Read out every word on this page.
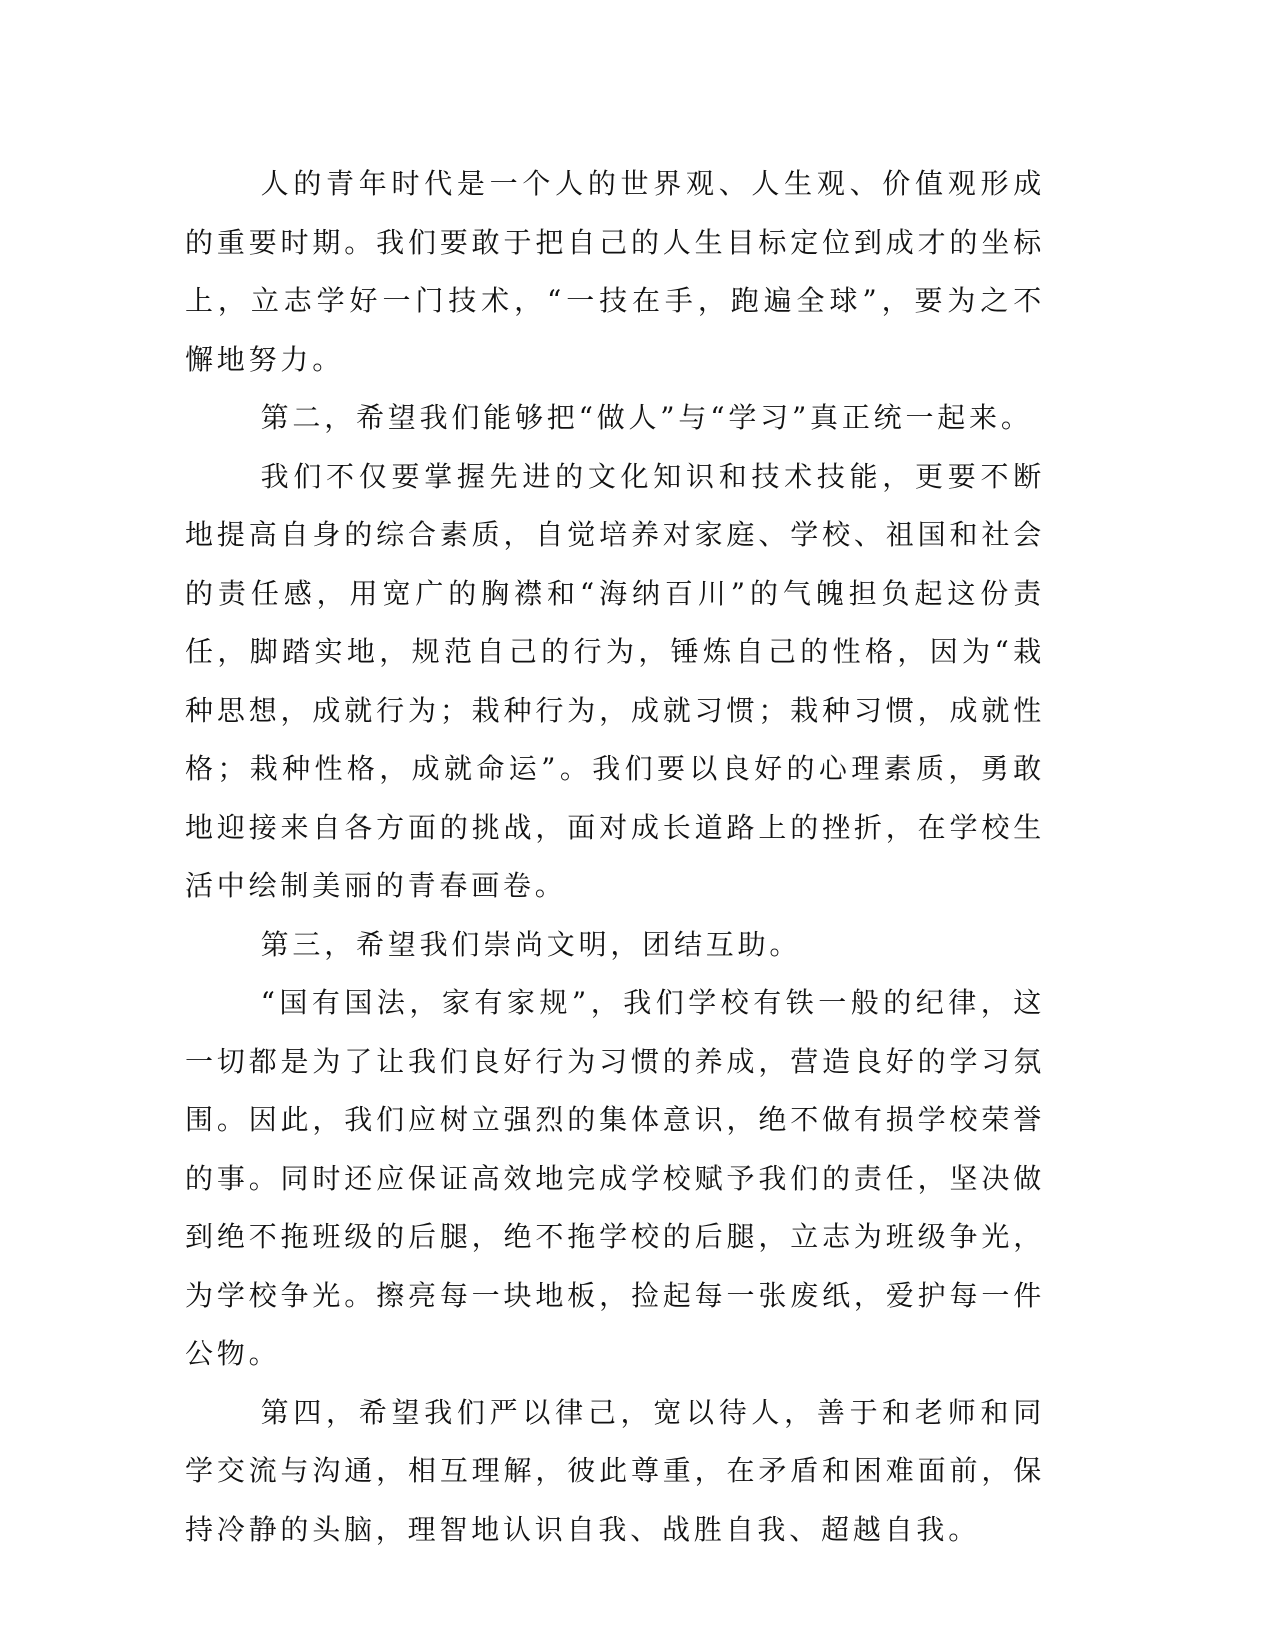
人的青年时代是一个人的世界观、人生观、价值观形成的重要时期。我们要敢于把自己的人生目标定位到成才的坐标上，立志学好一门技术，“一技在手，跑遍全球”，要为之不懈地努力。

第二，希望我们能够把“做人”与“学习”真正统一起来。

我们不仅要掌握先进的文化知识和技术技能，更要不断地提高自身的综合素质，自觉培养对家庭、学校、祖国和社会的责任感，用宽广的胸襟和“海纳百川”的气魄担负起这份责任，脚踏实地，规范自己的行为，锤炼自己的性格，因为“栽种思想，成就行为；栽种行为，成就习惯；栽种习惯，成就性格；栽种性格，成就命运”。我们要以良好的心理素质，勇敢地迎接来自各方面的挑战，面对成长道路上的挫折，在学校生活中绘制美丽的青春画卷。

第三，希望我们崇尚文明，团结互助。

“国有国法，家有家规”，我们学校有铁一般的纪律，这一切都是为了让我们良好行为习惯的养成，营造良好的学习氛围。因此，我们应树立强烈的集体意识，绝不做有损学校荣誉的事。同时还应保证高效地完成学校赋予我们的责任，坚决做到绝不拖班级的后腿，绝不拖学校的后腿，立志为班级争光，为学校争光。擦亮每一块地板，捡起每一张废纸，爱护每一件公物。

第四，希望我们严以律己，宽以待人，善于和老师和同学交流与沟通，相互理解，彼此尊重，在矛盾和困难面前，保持冷静的头脑，理智地认识自我、战胜自我、超越自我。
